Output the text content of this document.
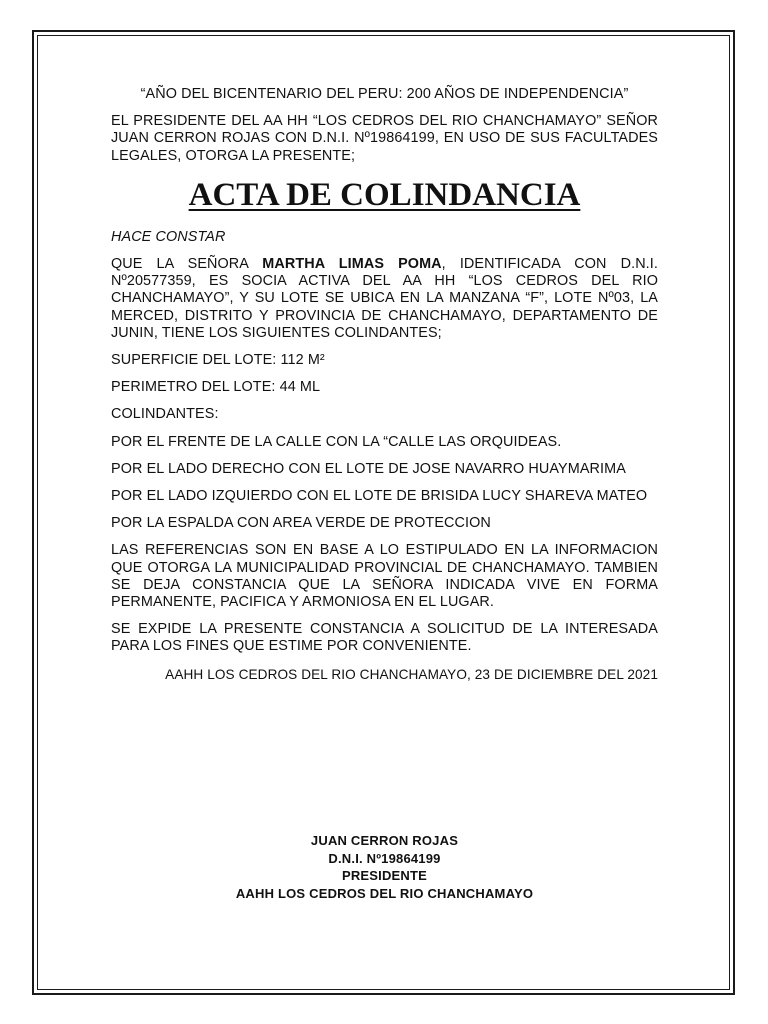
“AÑO DEL BICENTENARIO DEL PERU: 200 AÑOS DE INDEPENDENCIA”

EL PRESIDENTE DEL AA HH “LOS CEDROS DEL RIO CHANCHAMAYO” SEÑOR JUAN CERRON ROJAS CON D.N.I. Nº19864199, EN USO DE SUS FACULTADES LEGALES, OTORGA LA PRESENTE;

ACTA DE COLINDANCIA

HACE CONSTAR

QUE LA SEÑORA MARTHA LIMAS POMA, IDENTIFICADA CON D.N.I. Nº20577359, ES SOCIA ACTIVA DEL AA HH “LOS CEDROS DEL RIO CHANCHAMAYO”, Y SU LOTE SE UBICA EN LA MANZANA “F”, LOTE Nº03, LA MERCED, DISTRITO Y PROVINCIA DE CHANCHAMAYO, DEPARTAMENTO DE JUNIN, TIENE LOS SIGUIENTES COLINDANTES;

SUPERFICIE DEL LOTE: 112 M²

PERIMETRO DEL LOTE: 44 ML

COLINDANTES:

POR EL FRENTE DE LA CALLE CON LA “CALLE LAS ORQUIDEAS.

POR EL LADO DERECHO CON EL LOTE DE JOSE NAVARRO HUAYMARIMA

POR EL LADO IZQUIERDO CON EL LOTE DE BRISIDA LUCY SHAREVA MATEO

POR LA ESPALDA CON AREA VERDE DE PROTECCION

LAS REFERENCIAS SON EN BASE A LO ESTIPULADO EN LA INFORMACION QUE OTORGA LA MUNICIPALIDAD PROVINCIAL DE CHANCHAMAYO. TAMBIEN SE DEJA CONSTANCIA QUE LA SEÑORA INDICADA VIVE EN FORMA PERMANENTE, PACIFICA Y ARMONIOSA EN EL LUGAR.

SE EXPIDE LA PRESENTE CONSTANCIA A SOLICITUD DE LA INTERESADA PARA LOS FINES QUE ESTIME POR CONVENIENTE.

AAHH LOS CEDROS DEL RIO CHANCHAMAYO, 23 DE DICIEMBRE DEL 2021

JUAN CERRON ROJAS
D.N.I. Nº19864199
PRESIDENTE
AAHH LOS CEDROS DEL RIO CHANCHAMAYO
